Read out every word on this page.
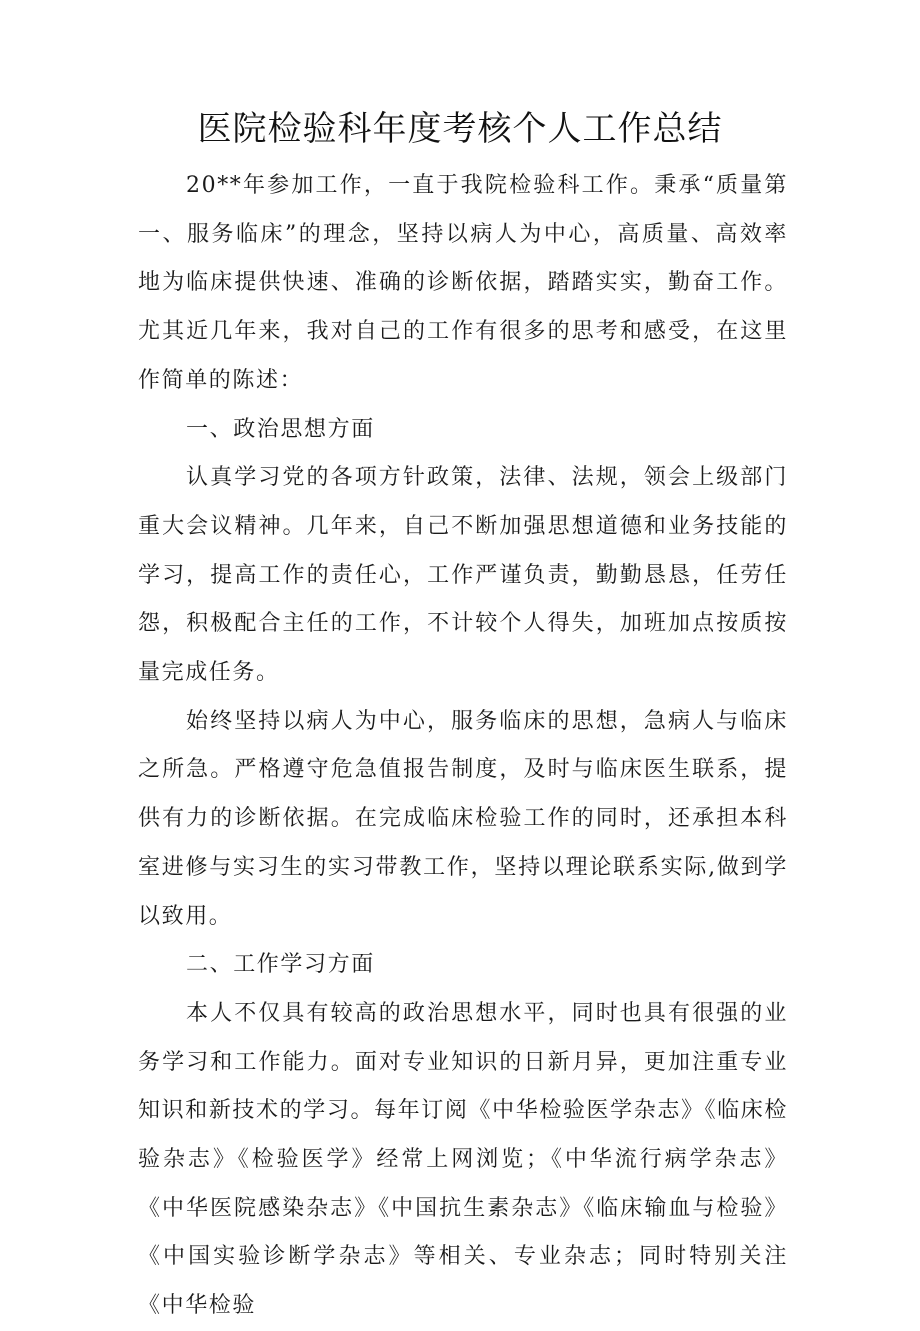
医院检验科年度考核个人工作总结

20**年参加工作，一直于我院检验科工作。秉承“质量第一、服务临床”的理念，坚持以病人为中心，高质量、高效率地为临床提供快速、准确的诊断依据，踏踏实实，勤奋工作。尤其近几年来，我对自己的工作有很多的思考和感受，在这里作简单的陈述：

一、政治思想方面

认真学习党的各项方针政策，法律、法规，领会上级部门重大会议精神。几年来，自己不断加强思想道德和业务技能的学习，提高工作的责任心，工作严谨负责，勤勤恳恳，任劳任怨，积极配合主任的工作，不计较个人得失，加班加点按质按量完成任务。

始终坚持以病人为中心，服务临床的思想，急病人与临床之所急。严格遵守危急值报告制度，及时与临床医生联系，提供有力的诊断依据。在完成临床检验工作的同时，还承担本科室进修与实习生的实习带教工作，坚持以理论联系实际,做到学以致用。

二、工作学习方面

本人不仅具有较高的政治思想水平，同时也具有很强的业务学习和工作能力。面对专业知识的日新月异，更加注重专业知识和新技术的学习。每年订阅《中华检验医学杂志》《临床检验杂志》《检验医学》经常上网浏览；《中华流行病学杂志》《中华医院感染杂志》《中国抗生素杂志》《临床输血与检验》《中国实验诊断学杂志》等相关、专业杂志；同时特别关注《中华检验
